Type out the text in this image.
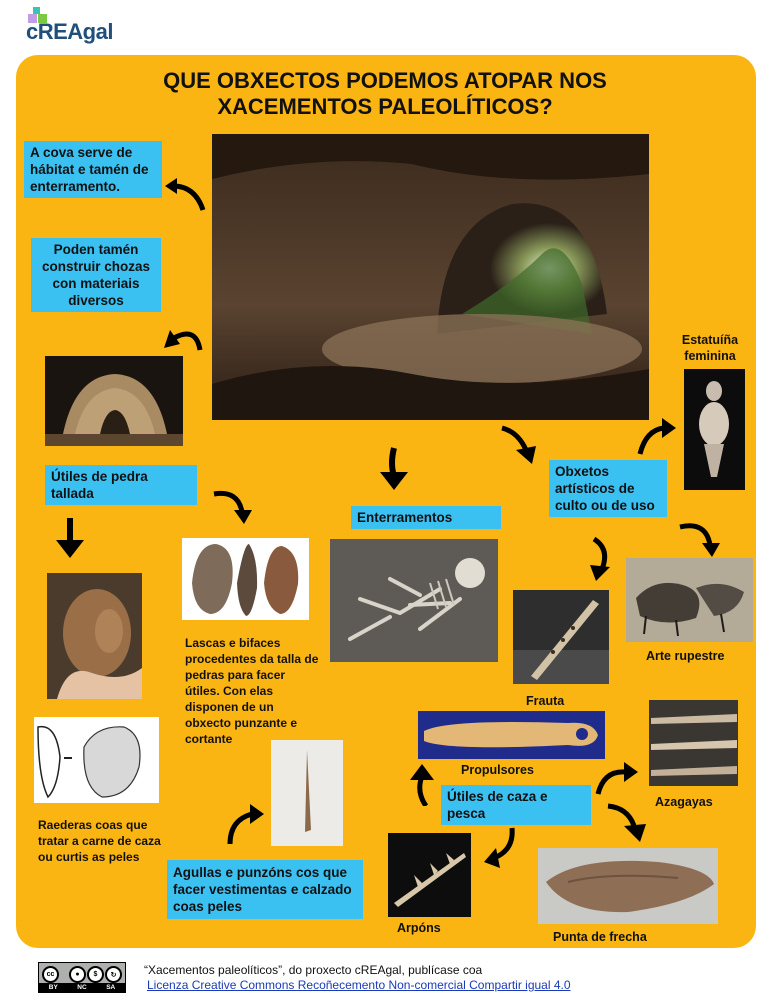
cREAgal
QUE OBXECTOS PODEMOS ATOPAR NOS
XACEMENTOS PALEOLÍTICOS?
A cova serve de hábitat e tamén de enterramento.
Poden tamén construir chozas con materiais diversos
Útiles de pedra tallada
Enterramentos
Obxetos artísticos de culto ou de uso
Útiles de caza e pesca
Agullas e punzóns cos que facer vestimentas e calzado coas peles
Estatuíña feminina
Lascas e bifaces procedentes da talla de pedras para facer útiles. Con elas disponen de un obxecto punzante e cortante
Raederas coas que tratar a carne de caza ou curtis as peles
Arte rupestre
Frauta
Propulsores
Azagayas
Arpóns
Punta de frecha
cc	●	$	↻
BY	NC	SA
“Xacementos paleolíticos”, do proxecto cREAgal, publícase coa
Licenza Creative Commons Recoñecemento Non-comercial Compartir igual 4.0
